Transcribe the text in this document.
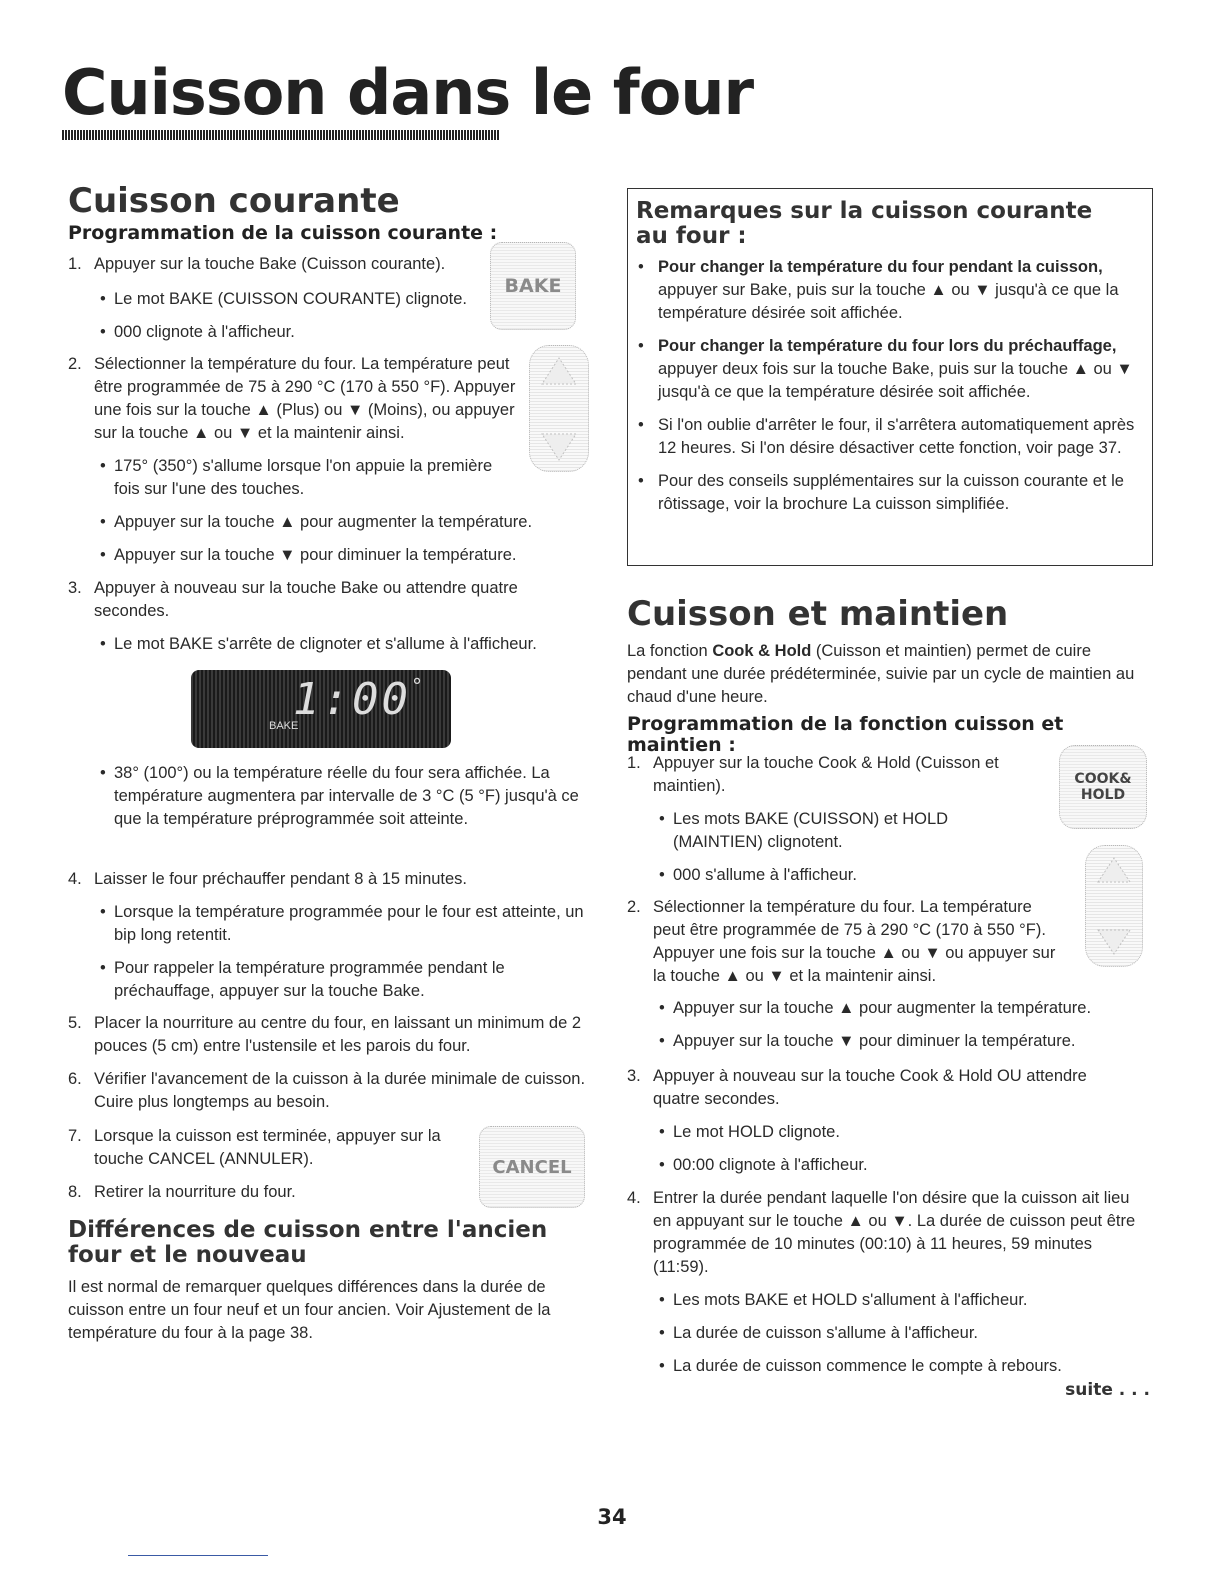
Cuisson dans le four
Cuisson courante
Programmation de la cuisson courante :

1. Appuyer sur la touche Bake (Cuisson courante).

• Le mot BAKE (CUISSON COURANTE) clignote.

• 000 clignote à l'afficheur.

BAKE

2. Sélectionner la température du four. La température peut être programmée de 75 à 290 °C (170 à 550 °F). Appuyer une fois sur la touche ▲ (Plus) ou ▼ (Moins), ou appuyer sur la touche ▲ ou ▼ et la maintenir ainsi.

• 175° (350°) s'allume lorsque l'on appuie la première fois sur l'une des touches.

• Appuyer sur la touche ▲ pour augmenter la température.

• Appuyer sur la touche ▼ pour diminuer la température.

3. Appuyer à nouveau sur la touche Bake ou attendre quatre secondes.

• Le mot BAKE s'arrête de clignoter et s'allume à l'afficheur.

1:00°
BAKE

• 38° (100°) ou la température réelle du four sera affichée. La température augmentera par intervalle de 3 °C (5 °F) jusqu'à ce que la température préprogrammée soit atteinte.

4. Laisser le four préchauffer pendant 8 à 15 minutes.

• Lorsque la température programmée pour le four est atteinte, un bip long retentit.

• Pour rappeler la température programmée pendant le préchauffage, appuyer sur la touche Bake.

5. Placer la nourriture au centre du four, en laissant un minimum de 2 pouces (5 cm) entre l'ustensile et les parois du four.

6. Vérifier l'avancement de la cuisson à la durée minimale de cuisson. Cuire plus longtemps au besoin.

7. Lorsque la cuisson est terminée, appuyer sur la touche CANCEL (ANNULER).

8. Retirer la nourriture du four.

CANCEL
Différences de cuisson entre l'ancien four et le nouveau
Il est normal de remarquer quelques différences dans la durée de cuisson entre un four neuf et un four ancien. Voir Ajustement de la température du four à la page 38.
Remarques sur la cuisson courante au four :

• Pour changer la température du four pendant la cuisson, appuyer sur Bake, puis sur la touche ▲ ou ▼ jusqu'à ce que la température désirée soit affichée.

• Pour changer la température du four lors du préchauffage, appuyer deux fois sur la touche Bake, puis sur la touche ▲ ou ▼ jusqu'à ce que la température désirée soit affichée.

• Si l'on oublie d'arrêter le four, il s'arrêtera automatiquement après 12 heures. Si l'on désire désactiver cette fonction, voir page 37.

• Pour des conseils supplémentaires sur la cuisson courante et le rôtissage, voir la brochure La cuisson simplifiée.

Cuisson et maintien
La fonction Cook & Hold (Cuisson et maintien) permet de cuire pendant une durée prédéterminée, suivie par un cycle de maintien au chaud d'une heure.
Programmation de la fonction cuisson et maintien :

1. Appuyer sur la touche Cook & Hold (Cuisson et maintien).

• Les mots BAKE (CUISSON) et HOLD (MAINTIEN) clignotent.

• 000 s'allume à l'afficheur.

COOK&
HOLD

2. Sélectionner la température du four. La température peut être programmée de 75 à 290 °C (170 à 550 °F). Appuyer une fois sur la touche ▲ ou ▼ ou appuyer sur la touche ▲ ou ▼ et la maintenir ainsi.

• Appuyer sur la touche ▲ pour augmenter la température.

• Appuyer sur la touche ▼ pour diminuer la température.

3. Appuyer à nouveau sur la touche Cook & Hold OU attendre quatre secondes.

• Le mot HOLD clignote.

• 00:00 clignote à l'afficheur.

4. Entrer la durée pendant laquelle l'on désire que la cuisson ait lieu en appuyant sur le touche ▲ ou ▼. La durée de cuisson peut être programmée de 10 minutes (00:10) à 11 heures, 59 minutes (11:59).

• Les mots BAKE et HOLD s'allument à l'afficheur.

• La durée de cuisson s'allume à l'afficheur.

• La durée de cuisson commence le compte à rebours.

suite . . .
34
